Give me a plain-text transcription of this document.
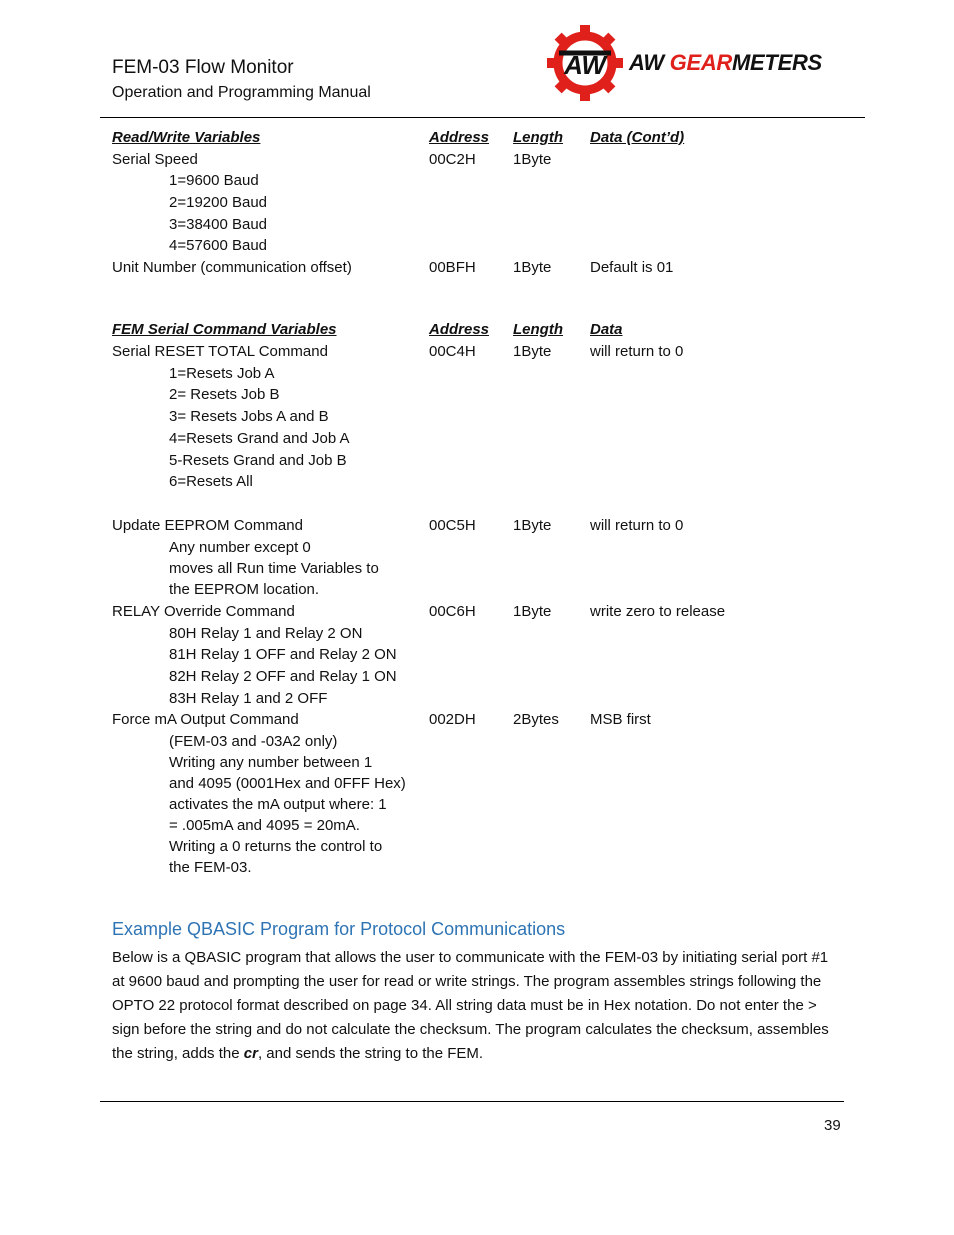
FEM-03 Flow Monitor
Operation and Programming Manual
AW AW GEARMETERS
Read/Write Variables	Address Length Data (Cont’d)
Serial Speed	00C2H 1Byte
1=9600 Baud
2=19200 Baud
3=38400 Baud
4=57600 Baud
Unit Number (communication offset)	00BFH 1Byte	Default is 01
FEM Serial Command Variables	Address Length Data
Serial RESET TOTAL Command	00C4H 1Byte	will return to 0
1=Resets Job A
2= Resets Job B
3= Resets Jobs A and B
4=Resets Grand and Job A
5-Resets Grand and Job B
6=Resets All
Update EEPROM Command	00C5H 1Byte	will return to 0
Any number except 0
moves all Run time Variables to
the EEPROM location.
RELAY Override Command	00C6H 1Byte	write zero to release
80H Relay 1 and Relay 2 ON
81H Relay 1 OFF and Relay 2 ON
82H Relay 2 OFF and Relay 1 ON
83H Relay 1 and 2 OFF
Force mA Output Command	002DH 2Bytes MSB first
(FEM-03 and -03A2 only)
Writing any number between 1
and 4095 (0001Hex and 0FFF Hex)
activates the mA output where: 1
= .005mA and 4095 = 20mA.
Writing a 0 returns the control to
the FEM-03.
Example QBASIC Program for Protocol Communications
Below is a QBASIC program that allows the user to communicate with the FEM-03 by initiating serial port #1 at 9600 baud and prompting the user for read or write strings. The program assembles strings following the OPTO 22 protocol format described on page 34. All string data must be in Hex notation. Do not enter the > sign before the string and do not calculate the checksum. The program calculates the checksum, assembles the string, adds the cr, and sends the string to the FEM.
39
